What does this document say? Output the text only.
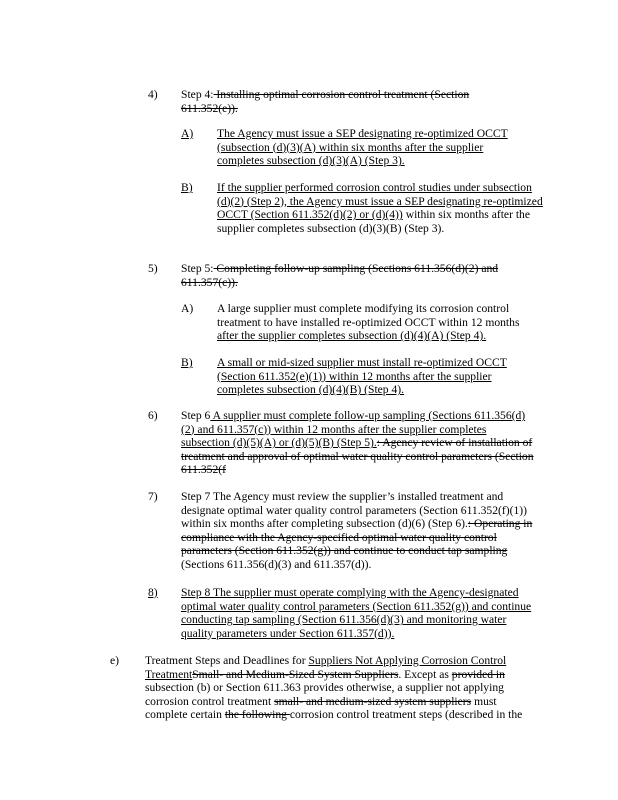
4)	Step 4: Installing optimal corrosion control treatment (Section 611.352(e)).
A) The Agency must issue a SEP designating re-optimized OCCT (subsection (d)(3)(A) within six months after the supplier completes subsection (d)(3)(A) (Step 3).
B) If the supplier performed corrosion control studies under subsection (d)(2) (Step 2), the Agency must issue a SEP designating re-optimized OCCT (Section 611.352(d)(2) or (d)(4)) within six months after the supplier completes subsection (d)(3)(B) (Step 3).
5)	Step 5: Completing follow-up sampling (Sections 611.356(d)(2) and 611.357(c)).
A) A large supplier must complete modifying its corrosion control treatment to have installed re-optimized OCCT within 12 months after the supplier completes subsection (d)(4)(A) (Step 4).
B) A small or mid-sized supplier must install re-optimized OCCT (Section 611.352(e)(1)) within 12 months after the supplier completes subsection (d)(4)(B) (Step 4).
6)	Step 6 A supplier must complete follow-up sampling (Sections 611.356(d)(2) and 611.357(c)) within 12 months after the supplier completes subsection (d)(5)(A) or (d)(5)(B) (Step 5).: Agency review of installation of treatment and approval of optimal water quality control parameters (Section 611.352(f
7)	Step 7 The Agency must review the supplier’s installed treatment and designate optimal water quality control parameters (Section 611.352(f)(1)) within six months after completing subsection (d)(6) (Step 6).: Operating in compliance with the Agency-specified optimal water quality control parameters (Section 611.352(g)) and continue to conduct tap sampling (Sections 611.356(d)(3) and 611.357(d)).
8) Step 8 The supplier must operate complying with the Agency-designated optimal water quality control parameters (Section 611.352(g)) and continue conducting tap sampling (Section 611.356(d)(3) and monitoring water quality parameters under Section 611.357(d)).
e) Treatment Steps and Deadlines for Suppliers Not Applying Corrosion Control TreatmentSmall- and Medium-Sized System Suppliers. Except as provided in subsection (b) or Section 611.363 provides otherwise, a supplier not applying corrosion control treatment small- and medium-sized system suppliers must complete certain the following corrosion control treatment steps (described in the
